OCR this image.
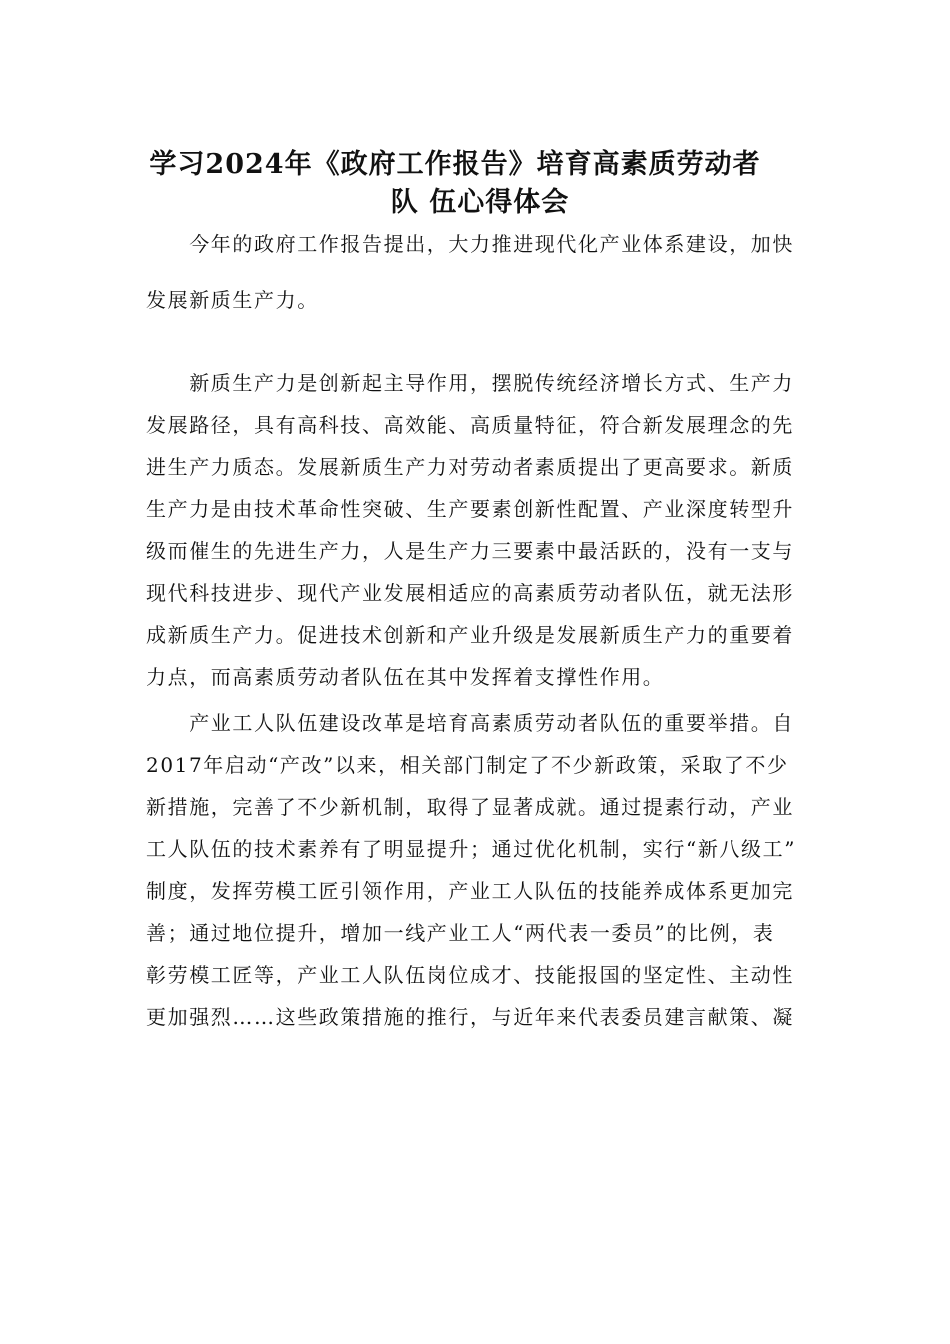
学习2024年《政府工作报告》培育高素质劳动者
队 伍心得体会
　　今年的政府工作报告提出，大力推进现代化产业体系建设，加快
发展新质生产力。
　　新质生产力是创新起主导作用，摆脱传统经济增长方式、生产力
发展路径，具有高科技、高效能、高质量特征，符合新发展理念的先
进生产力质态。发展新质生产力对劳动者素质提出了更高要求。新质
生产力是由技术革命性突破、生产要素创新性配置、产业深度转型升
级而催生的先进生产力，人是生产力三要素中最活跃的，没有一支与
现代科技进步、现代产业发展相适应的高素质劳动者队伍，就无法形
成新质生产力。促进技术创新和产业升级是发展新质生产力的重要着
力点，而高素质劳动者队伍在其中发挥着支撑性作用。
　　产业工人队伍建设改革是培育高素质劳动者队伍的重要举措。自
2017年启动“产改”以来，相关部门制定了不少新政策，采取了不少
新措施，完善了不少新机制，取得了显著成就。通过提素行动，产业
工人队伍的技术素养有了明显提升；通过优化机制，实行“新八级工”
制度，发挥劳模工匠引领作用，产业工人队伍的技能养成体系更加完
善；通过地位提升，增加一线产业工人“两代表一委员”的比例，表
彰劳模工匠等，产业工人队伍岗位成才、技能报国的坚定性、主动性
更加强烈……这些政策措施的推行，与近年来代表委员建言献策、凝
